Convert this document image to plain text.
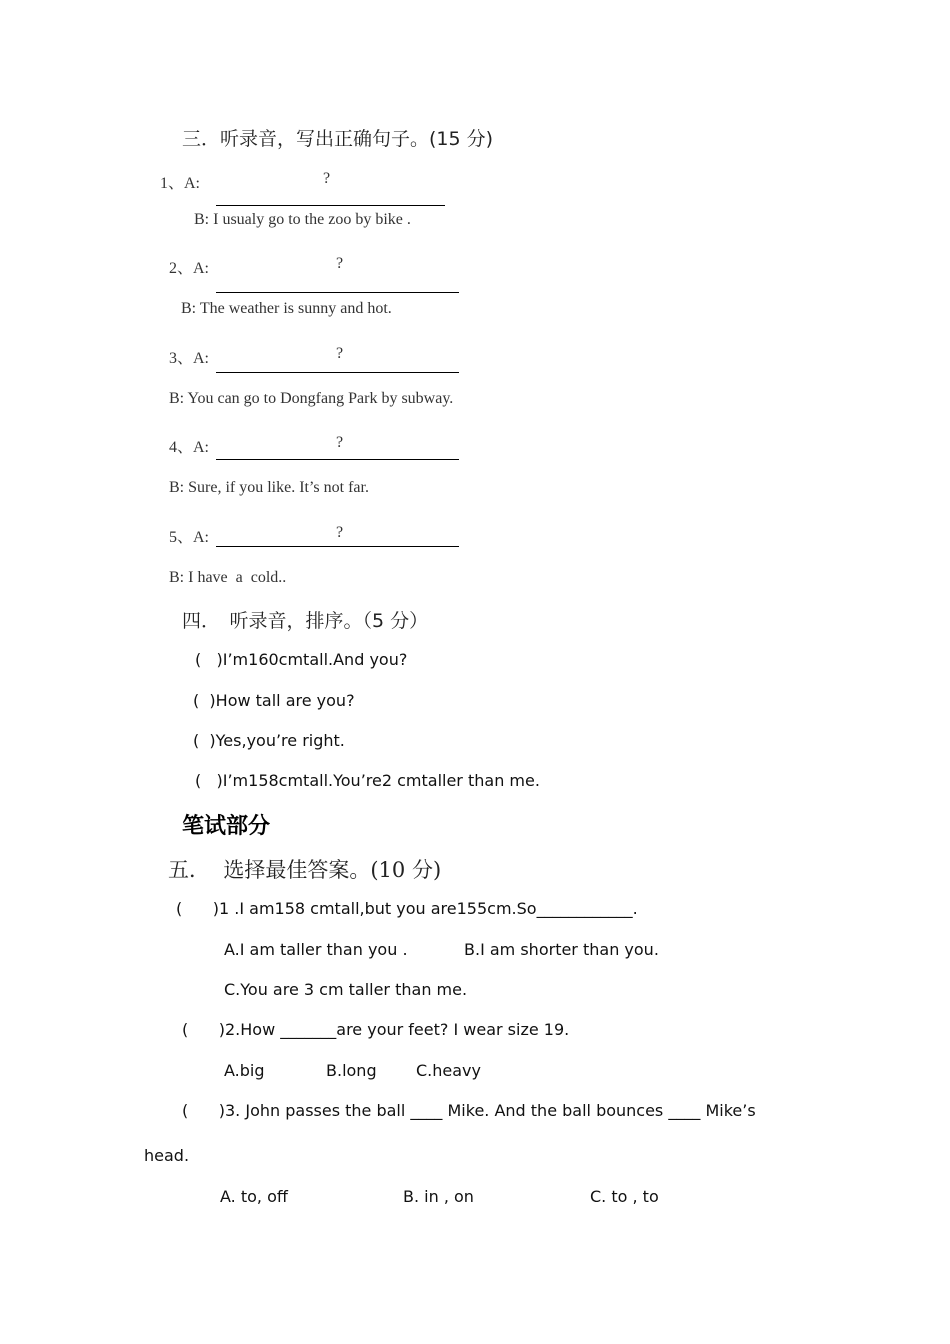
三．听录音，写出正确句子。(15 分)
1、A:	?
B: I usualy go to the zoo by bike .
2、A:	?
B: The weather is sunny and hot.
3、A:	?
B: You can go to Dongfang Park by subway.
4、A:	?
B: Sure, if you like. It’s not far.
5、A:	?
B: I have  a  cold..
四．　听录音，排序。（5 分）
(   )I’m160cmtall.And you?
(  )How tall are you?
(  )Yes,you’re right.
(   )I’m158cmtall.You’re2 cmtaller than me.
笔试部分
五．  选择最佳答案。(10 分)
(      )1 .I am158 cmtall,but you are155cm.So____________.
A.I am taller than you .	B.I am shorter than you.
C.You are 3 cm taller than me.
(      )2.How _______are your feet? I wear size 19.
A.big	B.long C.heavy
(      )3. John passes the ball ____ Mike. And the ball bounces ____ Mike’s
head.
A. to, off	B. in , on	C. to , to
